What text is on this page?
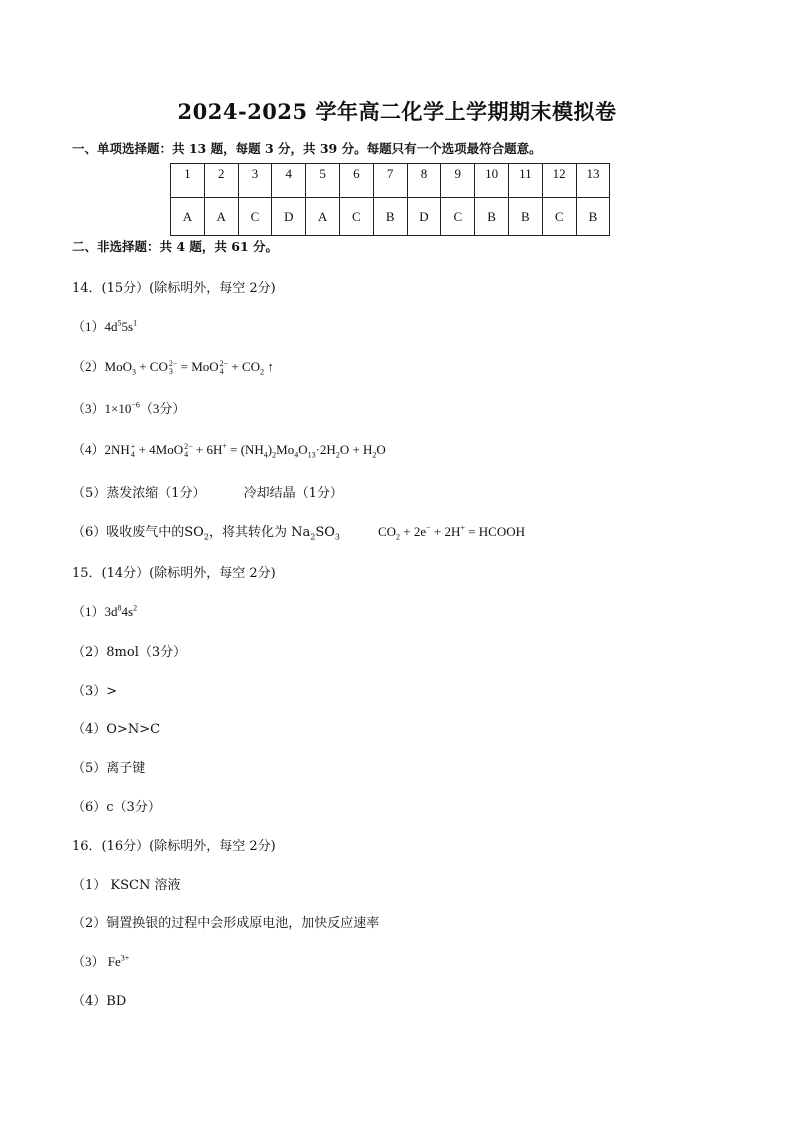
2024-2025 学年高二化学上学期期末模拟卷
一、单项选择题：共 13 题，每题 3 分，共 39 分。每题只有一个选项最符合题意。
1	2	3	4	5	6	7	8	9	10	11	12	13
A	A	C	D	A	C	B	D	C	B	B	C	B
二、非选择题：共 4 题，共 61 分。
14．(15分）(除标明外，每空 2分)
$(1)4d^55s^1$
（2）MoO$_3$ + CO 2−
3 = MoO 2−
$4 + CO_2$ ↑
$(3)1\times 10^{-6}(3$分）
（4）2NH +
4 + 4MoO 2−
$4 + 6H^+ = (NH_4)_2Mo_4O_{13}\cdot 2H_2O + H_2O$
（5）蒸发浓缩（1分）	冷却结晶（1分）
（6）吸收废气中的$SO_2$，将其转化为 $Na_2SO_3$	$CO_2 + 2e^- + 2H^+$ = HCOOH
15．(14分）(除标明外，每空 2分)
$(1)3d^84s^2$
（2）8mol（3分）
（3）>
（4）O>N>C
（5）离子键
（6）c（3分）
16．(16分）(除标明外，每空 2分)
（1） KSCN 溶液
（2）铜置换银的过程中会形成原电池，加快反应速率
（3） $Fe^{3+}$
（4）BD
